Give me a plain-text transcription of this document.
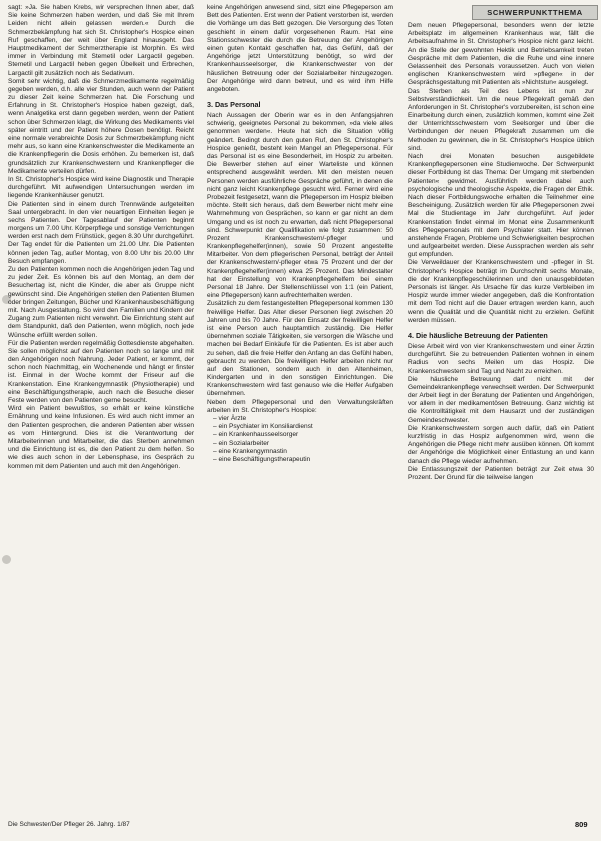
SCHWERPUNKTTHEMA

sagt: »Ja. Sie haben Krebs, wir versprechen Ihnen aber, daß Sie keine Schmerzen haben werden, und daß Sie mit Ihrem Leiden nicht allein gelassen werden.« Durch die Schmerzbekämpfung hat sich St. Christopher's Hospice einen Ruf geschaffen, der weit über England hinausgeht. Das Hauptmedikament der Schmerztherapie ist Morphin. Es wird immer in Verbindung mit Stemetil oder Largactil gegeben. Stemetil und Largactil heben gegen Übelkeit und Erbrechen, Largactil gilt zusätzlich noch als Sedativum.

Somit sehr wichtig, daß die Schmerzmedikamente regelmäßig gegeben werden, d.h. alle vier Stunden, auch wenn der Patient zu dieser Zeit keine Schmerzen hat. Die Forschung und Erfahrung in St. Christopher's Hospice haben gezeigt, daß, wenn Analgetika erst dann gegeben werden, wenn der Patient schon über Schmerzen klagt, die Wirkung des Medikaments viel später eintritt und der Patient höhere Dosen benötigt. Reicht eine normale verabreichte Dosis zur Schmerzbekämpfung nicht mehr aus, so kann eine Krankenschwester die Medikamente an die Krankenpflegerin die Dosis erhöhen. Zu bemerken ist, daß grundsätzlich zur Krankenschwestern und Krankenpfleger die Medikamente verteilen dürfen.

In St. Christopher's Hospice wird keine Diagnostik und Therapie durchgeführt. Mit aufwendigen Untersuchungen werden im liegende Krankenhäuser genutzt.

Die Patienten sind in einem durch Trennwände aufgeteilten Saal untergebracht. In den vier neuartigen Einheiten liegen je sechs Patienten. Der Tagesablauf der Patienten beginnt morgens um 7.00 Uhr. Körperpflege und sonstige Verrichtungen werden erst nach dem Frühstück, gegen 8.30 Uhr durchgeführt. Der Tag endet für die Patienten um 21.00 Uhr. Die Patienten können jeden Tag, außer Montag, von 8.00 Uhr bis 20.00 Uhr Besuch empfangen.

Zu den Patienten kommen noch die Angehörigen jeden Tag und zu jeder Zeit. Es können bis auf den Montag, an dem der Besuchertag ist, nicht die Kinder, die aber als Gruppe nicht gewünscht sind. Die Angehörigen stellen den Patienten Blumen oder bringen Zeitungen, Bücher und Krankenhausbeschäftigung mit. Nach Ausgestaltung. So wird den Familien und Kindern der Zugang zum Patienten nicht verwehrt. Die Einrichtung steht auf dem Standpunkt, daß den Patienten, wenn möglich, noch jede Wünsche erfüllt werden sollen.

Für die Patienten werden regelmäßig Gottesdienste abgehalten. Sie sollen möglichst auf den Patienten noch so lange und mit den Angehörigen noch Nahrung. Jeder Patient, er kommt, der schon noch Nachmittag, ein Wochenende und hängt er finster ist. Einmal in der Woche kommt der Friseur auf die Krankenstation. Eine Krankengymnastik (Physiotherapie) und eine Beschäftigungstherapie, auch nach die Besuche dieser Feste werden von den Patienten gerne besucht.

Wird ein Patient bewußtlos, so erhält er keine künstliche Ernährung und keine Infusionen. Es wird auch nicht immer an den Patienten gesprochen, die anderen Patienten aber wissen es vom Hintergrund. Dies ist die Verantwortung der Mitarbeiterinnen und Mitarbeiter, die das Sterben annehmen und die Einrichtung ist es, die den Patient zu dem helfen. So wie dies auch schon in der Lebensphase, ins Gespräch zu kommen mit dem Patienten und auch mit den Angehörigen.

keine Angehörigen anwesend sind, sitzt eine Pflegeperson am Bett des Patienten. Erst wenn der Patient verstorben ist, werden die Vorhänge um das Bett gezogen. Die Versorgung des Toten geschieht in einem dafür vorgesehenen Raum. Hat eine Stationsschwester die durch die Betreuung der Angehörigen einen guten Kontakt geschaffen hat, das Gefühl, daß der Angehörige jetzt Unterstützung benötigt, so wird der Krankenhausseelsorger, die Krankenschwester von der häuslichen Betreuung oder der Sozialarbeiter hinzugezogen. Der Angehörige wird dann betreut, und es wird ihm Hilfe angeboten.

3. Das Personal

Nach Aussagen der Oberin war es in den Anfangsjahren schwierig, geeignetes Personal zu bekommen, »da viele alles genommen werden«. Heute hat sich die Situation völlig geändert. Bedingt durch den guten Ruf, den St. Christopher's Hospice genießt, besteht kein Mangel an Pflegepersonal. Für das Personal ist es eine Besonderheit, im Hospiz zu arbeiten. Die Bewerber stehen auf einer Warteliste und können entsprechend ausgewählt werden. Mit den meisten neuen Personen werden ausführliche Gespräche geführt, in denen die nicht ganz leicht Krankenpflege gesucht wird. Ferner wird eine Probezeit festgesetzt, wann die Pflegeperson im Hospiz bleiben möchte. Stellt sich heraus, daß dem Bewerber nicht mehr eine Wahrnehmung von Gesprächen, so kann er gar nicht an dem Umgang und es ist noch zu erwarten, daß nicht Pflegepersonal sind. Schwerpunkt der Qualifikation wie folgt zusammen: 50 Prozent Krankenschwestern/-pfleger und Krankenpflegehelfer(innen), sowie 50 Prozent angestellte Mitarbeiter. Von dem pflegerischen Personal, beträgt der Anteil der Krankenschwestern/-pfleger etwa 75 Prozent und der der Krankenpflegehelfer(innen) etwa 25 Prozent. Das Mindestalter hat der Einstellung von Krankenpflegehelfern bei einem Personal 18 Jahre. Der Stellenschlüssel von 1:1 (ein Patient, eine Pflegeperson) kann aufrechterhalten werden.

Zusätzlich zu dem festangestellten Pflegepersonal kommen 130 freiwillige Helfer. Das Alter dieser Personen liegt zwischen 20 Jahren und bis 70 Jahre. Für den Einsatz der freiwilligen Helfer ist eine Person auch hauptamtlich zuständig. Die Helfer übernehmen soziale Tätigkeiten, sie versorgen die Wäsche und machen bei Bedarf Einkäufe für die Patienten. Es ist aber auch zu sehen, daß die freie Helfer den Anfang an das Gefühl haben, gebraucht zu werden. Die freiwilligen Helfer arbeiten nicht nur auf den Stationen, sondern auch in den Altenheimen, Kindergarten und in den sonstigen Einrichtungen. Die Krankenschwestern wird fast genauso wie die Helfer Aufgaben übernehmen.

Neben dem Pflegepersonal und den Verwaltungskräften arbeiten im St. Christopher's Hospice:

– vier Ärzte
– ein Psychiater im Konsiliardienst
– ein Krankenhausseelsorger
– ein Sozialarbeiter
– eine Krankengymnastin
– eine Beschäftigungstherapeutin

Dem neuen Pflegepersonal, besonders wenn der letzte Arbeitsplatz im allgemeinen Krankenhaus war, fällt die Arbeitsaufnahme in St. Christopher's Hospice nicht ganz leicht. An die Stelle der gewohnten Hektik und Betriebsamkeit treten Gespräche mit dem Patienten, die die Ruhe und eine innere Gelassenheit des Personals voraussetzen. Auch von vielen englischen Krankenschwestern wird »pflegen« in der Gesprächsgestaltung mit Patienten als »Nichtstun« ausgelegt.

Das Sterben als Teil des Lebens ist nun zur Selbstverständlichkeit. Um die neue Pflegekraft gemäß den Anforderungen in St. Christopher's vorzubereiten, ist schon eine Einarbeitung durch einen, zusätzlich kommen, kommt eine Zeit der Unterrichtsschwestern vom Seelsorger und über die Verbindungen der neuen Pflegekraft zusammen um die Methoden zu gewinnen, die in St. Christopher's Hospice üblich sind.

Nach drei Monaten besuchen ausgebildete Krankenpflegepersonen eine Studienwoche. Der Schwerpunkt dieser Fortbildung ist das Thema: Der Umgang mit sterbenden Patienten« gewidmet. Ausführlich werden dabei auch psychologische und theologische Aspekte, die Fragen der Ethik. Nach dieser Fortbildungswoche erhalten die Teilnehmer eine Bescheinigung. Zusätzlich werden für alle Pflegepersonen zwei Mal die Studientage im Jahr durchgeführt. Auf jeder Krankenstation findet einmal im Monat eine Zusammenkunft des Pflegepersonals mit dem Psychiater statt. Hier können anstehende Fragen, Probleme und Schwierigkeiten besprochen und aufgearbeitet werden. Diese Aussprachen werden als sehr gut empfunden.

Die Verweildauer der Krankenschwestern und -pfleger in St. Christopher's Hospice beträgt im Durchschnitt sechs Monate, die der Krankenpflegeschülerinnen und den unausgebildeten Personals ist länger. Als Ursache für das kurze Verbleiben im Hospiz wurde immer wieder angegeben, daß die Konfrontation mit dem Tod nicht auf die Dauer ertragen werden kann, auch wenn die Qualität und die Quantität nicht zu erzielen. Gefühlt werden müssen.

4. Die häusliche Betreuung der Patienten

Diese Arbeit wird von vier Krankenschwestern und einer Ärztin durchgeführt. Sie zu betreuenden Patienten wohnen in einem Radius von sechs Meilen um das Hospiz. Die Krankenschwestern sind Tag und Nacht zu erreichen.

Die häusliche Betreuung darf nicht mit der Gemeindekrankenpflege verwechselt werden. Der Schwerpunkt der Arbeit liegt in der Beratung der Patienten und Angehörigen, vor allem in der medikamentösen Betreuung. Ganz wichtig ist die Kontrolltätigkeit mit dem Hausarzt und der zuständigen Gemeindeschwester.

Die Krankenschwestern sorgen auch dafür, daß ein Patient kurzfristig in das Hospiz aufgenommen wird, wenn die Angehörigen die Pflege nicht mehr ausüben können. Oft kommt der Angehörige die Möglichkeit einer Entlastung an und kann danach die Pflege wieder aufnehmen.

Die Entlassungszeit der Patienten beträgt zur Zeit etwa 30 Prozent. Der Grund für die teilweise langen

Die Schwester/Der Pfleger 26. Jahrg. 1/87	809
